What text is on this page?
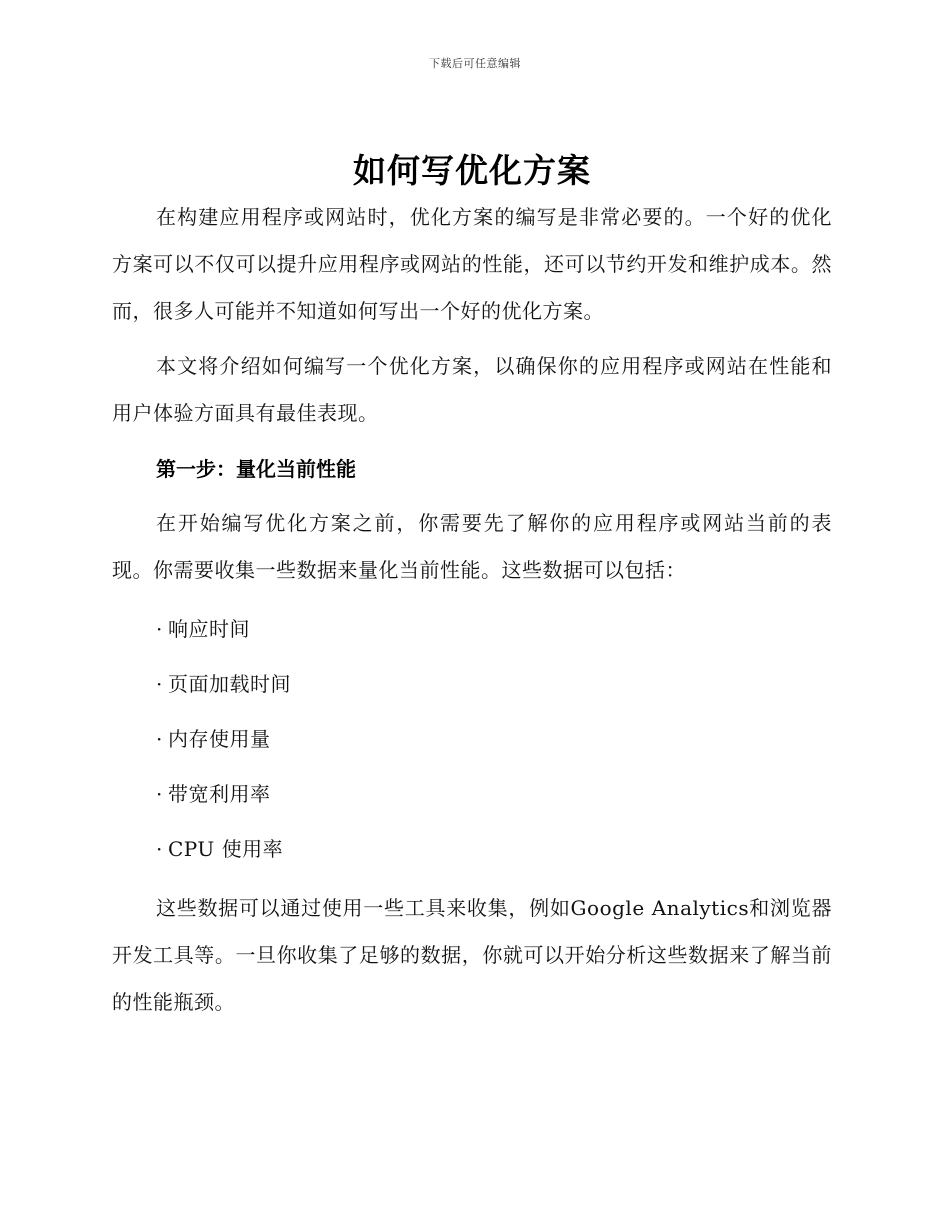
下载后可任意编辑
如何写优化方案

在构建应用程序或网站时，优化方案的编写是非常必要的。一个好的优化方案可以不仅可以提升应用程序或网站的性能，还可以节约开发和维护成本。然而，很多人可能并不知道如何写出一个好的优化方案。

本文将介绍如何编写一个优化方案，以确保你的应用程序或网站在性能和用户体验方面具有最佳表现。

第一步：量化当前性能

在开始编写优化方案之前，你需要先了解你的应用程序或网站当前的表现。你需要收集一些数据来量化当前性能。这些数据可以包括：

· 响应时间
· 页面加载时间
· 内存使用量
· 带宽利用率
· CPU 使用率

这些数据可以通过使用一些工具来收集，例如Google Analytics和浏览器开发工具等。一旦你收集了足够的数据，你就可以开始分析这些数据来了解当前的性能瓶颈。
